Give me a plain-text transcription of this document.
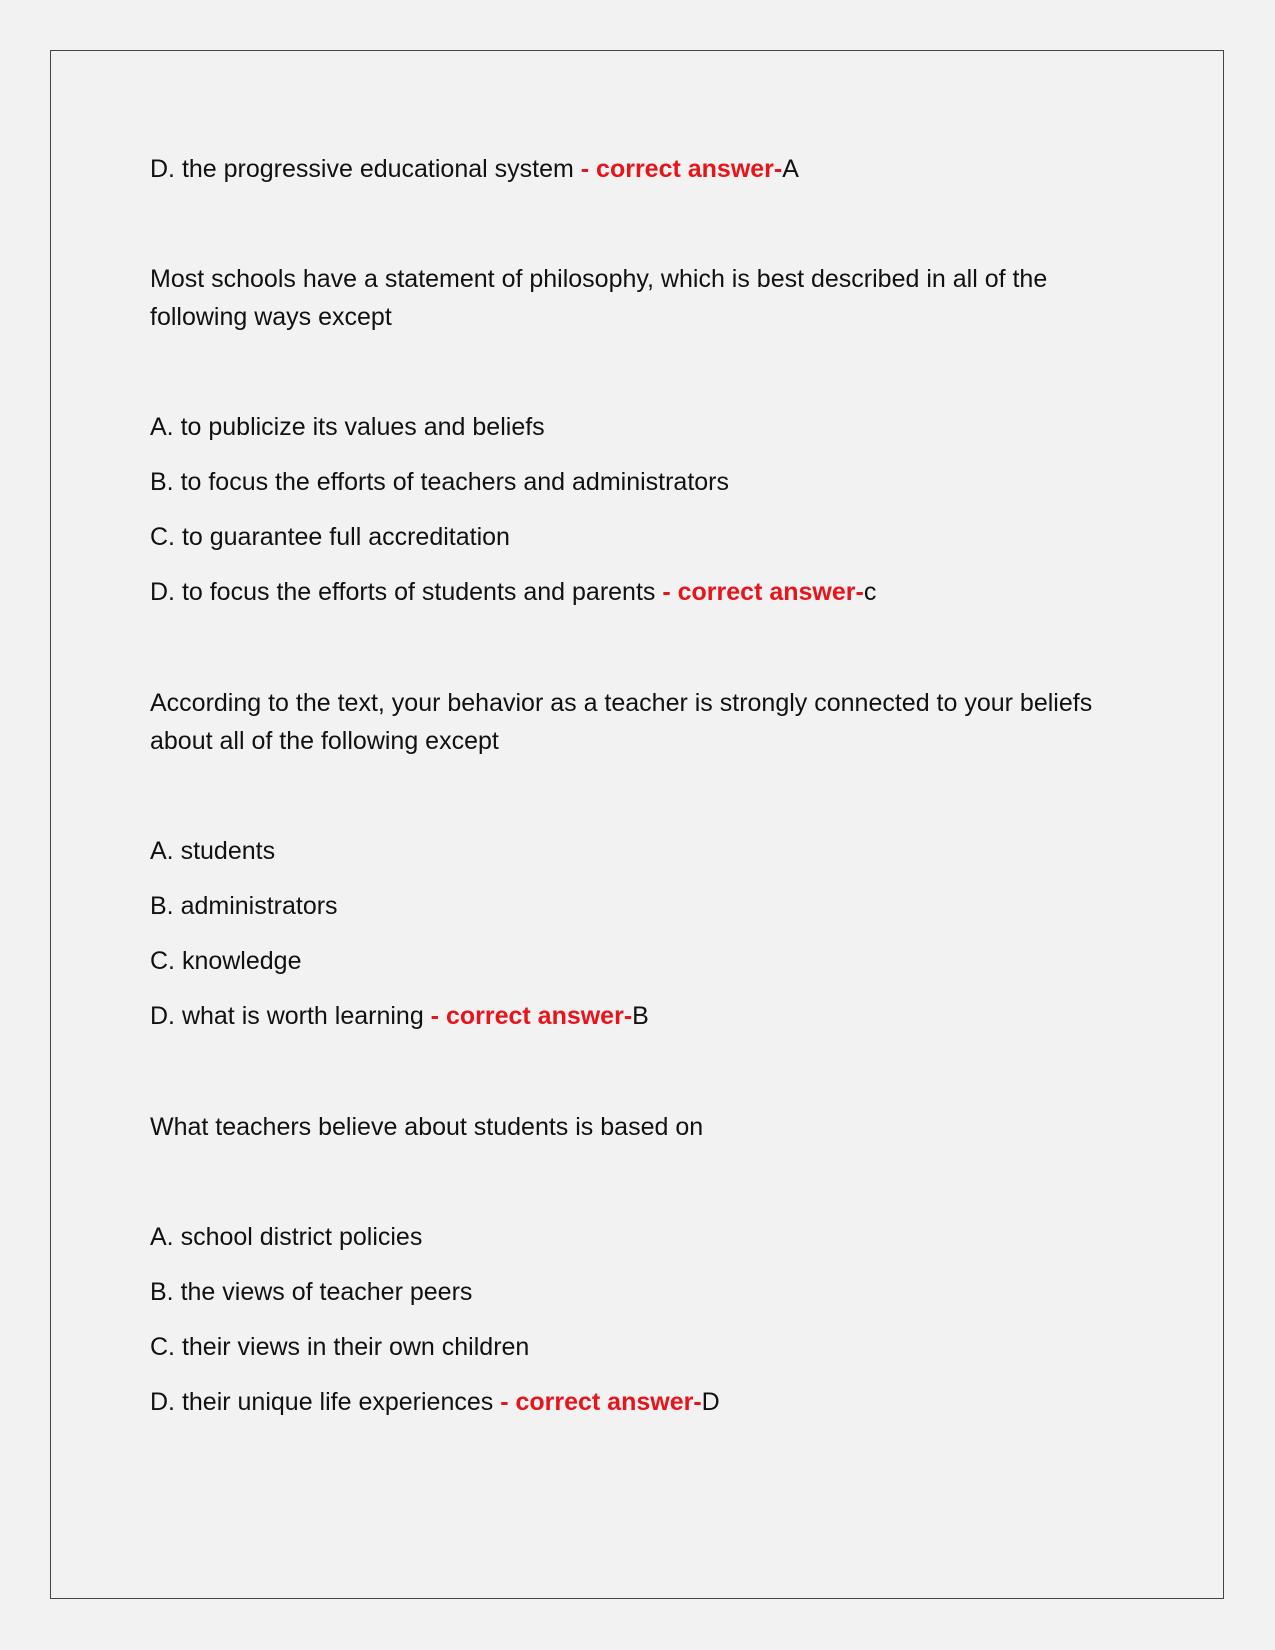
D. the progressive educational system - correct answer-A
Most schools have a statement of philosophy, which is best described in all of the following ways except
A. to publicize its values and beliefs
B. to focus the efforts of teachers and administrators
C. to guarantee full accreditation
D. to focus the efforts of students and parents - correct answer-c
According to the text, your behavior as a teacher is strongly connected to your beliefs about all of the following except
A. students
B. administrators
C. knowledge
D. what is worth learning - correct answer-B
What teachers believe about students is based on
A. school district policies
B. the views of teacher peers
C. their views in their own children
D. their unique life experiences - correct answer-D
